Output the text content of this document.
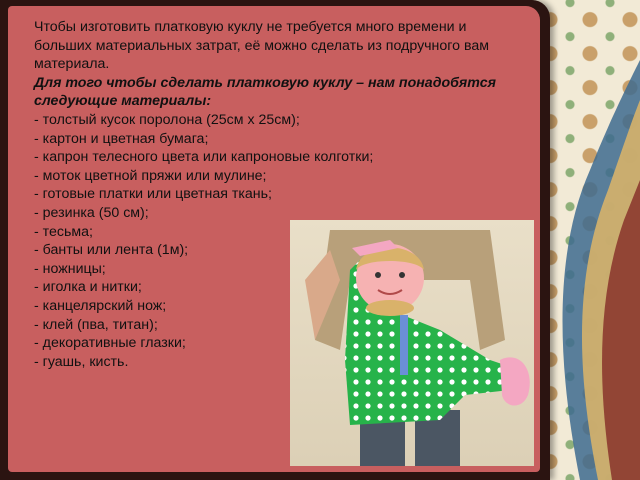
Чтобы изготовить платковую куклу не требуется много времени и больших материальных затрат, её можно сделать из подручного вам материала.

Для того чтобы сделать платковую куклу – нам понадобятся следующие материалы:

- толстый кусок поролона (25см х 25см);
- картон и цветная бумага;
- капрон телесного цвета или капроновые колготки;
- моток цветной пряжи или мулине;
- готовые платки или цветная ткань;
- резинка (50 см);
- тесьма;
- банты или лента (1м);
- ножницы;
- иголка и нитки;
- канцелярский нож;
- клей (пва, титан);
- декоративные глазки;
- гуашь, кисть.
